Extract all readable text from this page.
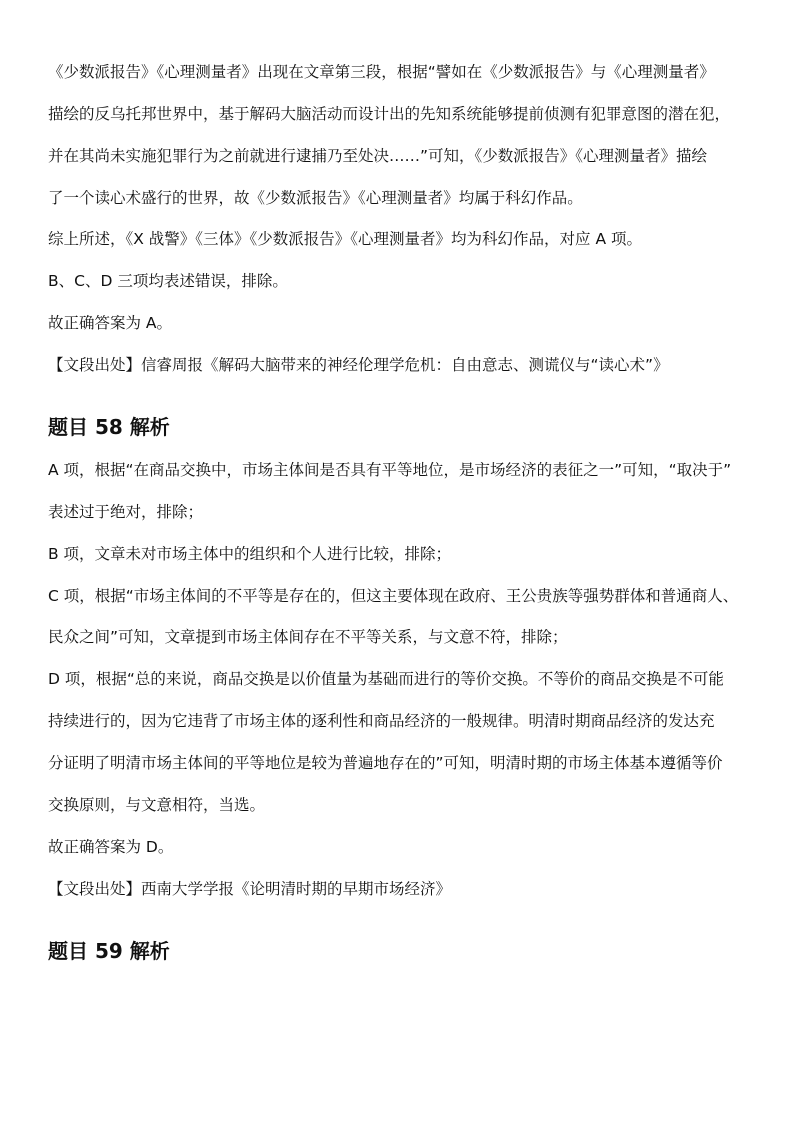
《少数派报告》《心理测量者》出现在文章第三段，根据“譬如在《少数派报告》与《心理测量者》
描绘的反乌托邦世界中，基于解码大脑活动而设计出的先知系统能够提前侦测有犯罪意图的潜在犯，
并在其尚未实施犯罪行为之前就进行逮捕乃至处决……”可知，《少数派报告》《心理测量者》描绘
了一个读心术盛行的世界，故《少数派报告》《心理测量者》均属于科幻作品。
综上所述，《X 战警》《三体》《少数派报告》《心理测量者》均为科幻作品，对应 A 项。
B、C、D 三项均表述错误，排除。
故正确答案为 A。
【文段出处】信睿周报《解码大脑带来的神经伦理学危机：自由意志、测谎仪与“读心术”》
题目 58 解析
A 项，根据“在商品交换中，市场主体间是否具有平等地位，是市场经济的表征之一”可知，“取决于”
表述过于绝对，排除；
B 项，文章未对市场主体中的组织和个人进行比较，排除；
C 项，根据“市场主体间的不平等是存在的，但这主要体现在政府、王公贵族等强势群体和普通商人、
民众之间”可知，文章提到市场主体间存在不平等关系，与文意不符，排除；
D 项，根据“总的来说，商品交换是以价值量为基础而进行的等价交换。不等价的商品交换是不可能
持续进行的，因为它违背了市场主体的逐利性和商品经济的一般规律。明清时期商品经济的发达充
分证明了明清市场主体间的平等地位是较为普遍地存在的”可知，明清时期的市场主体基本遵循等价
交换原则，与文意相符，当选。
故正确答案为 D。
【文段出处】西南大学学报《论明清时期的早期市场经济》
题目 59 解析
